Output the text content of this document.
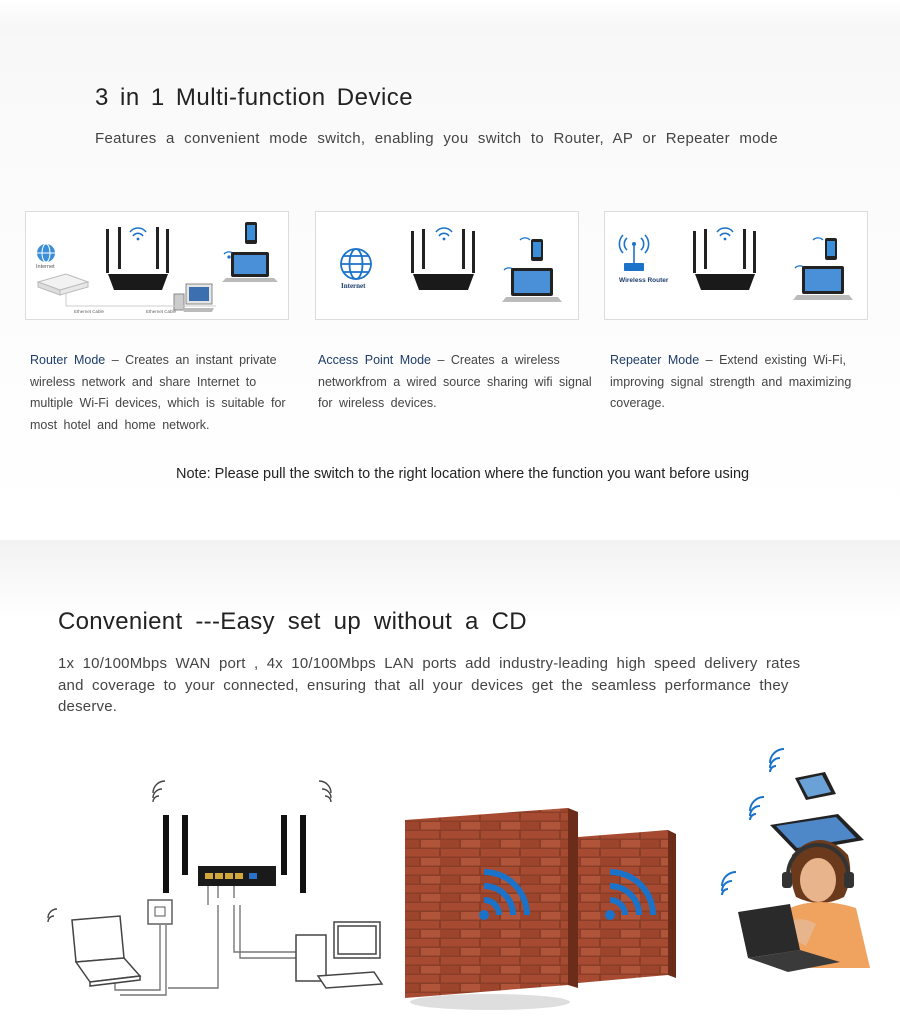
3 in 1 Multi-function Device
Features a convenient mode switch, enabling you switch to Router, AP or Repeater mode
Internet
Ethernet Cable	Ethernet Cable
Internet
Wireless Router
Router Mode – Creates an instant private wireless network and share Internet to multiple Wi-Fi devices, which is suitable for most hotel and home network.
Access Point Mode – Creates a wireless networkfrom a wired source sharing wifi signal for wireless devices.
Repeater Mode – Extend existing Wi-Fi, improving signal strength and maximizing coverage.
Note: Please pull the switch to the right location where the function you want before using
Convenient ---Easy set up without a CD
1x 10/100Mbps WAN port , 4x 10/100Mbps LAN ports add industry-leading high speed delivery rates and coverage to your connected, ensuring that all your devices get the seamless performance they deserve.
